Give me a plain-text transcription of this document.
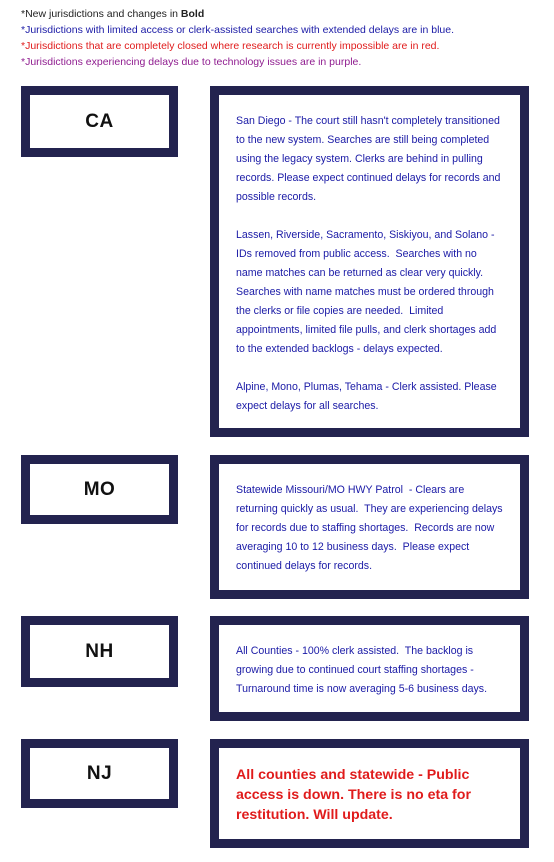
*New jurisdictions and changes in Bold
*Jurisdictions with limited access or clerk-assisted searches with extended delays are in blue.
*Jurisdictions that are completely closed where research is currently impossible are in red.
*Jurisdictions experiencing delays due to technology issues are in purple.
CA	San Diego - The court still hasn't completely transitioned to the new system. Searches are still being completed using the legacy system. Clerks are behind in pulling records. Please expect continued delays for records and possible records.

Lassen, Riverside, Sacramento, Siskiyou, and Solano -  IDs removed from public access.  Searches with no name matches can be returned as clear very quickly. Searches with name matches must be ordered through the clerks or file copies are needed.  Limited appointments, limited file pulls, and clerk shortages add to the extended backlogs - delays expected.

Alpine, Mono, Plumas, Tehama - Clerk assisted. Please expect delays for all searches.

MO	Statewide Missouri/MO HWY Patrol  - Clears are returning quickly as usual.  They are experiencing delays for records due to staffing shortages.  Records are now averaging 10 to 12 business days.  Please expect continued delays for records.

NH	All Counties - 100% clerk assisted.  The backlog is growing due to continued court staffing shortages - Turnaround time is now averaging 5-6 business days.

NJ	All counties and statewide - Public access is down. There is no eta for restitution. Will update.
